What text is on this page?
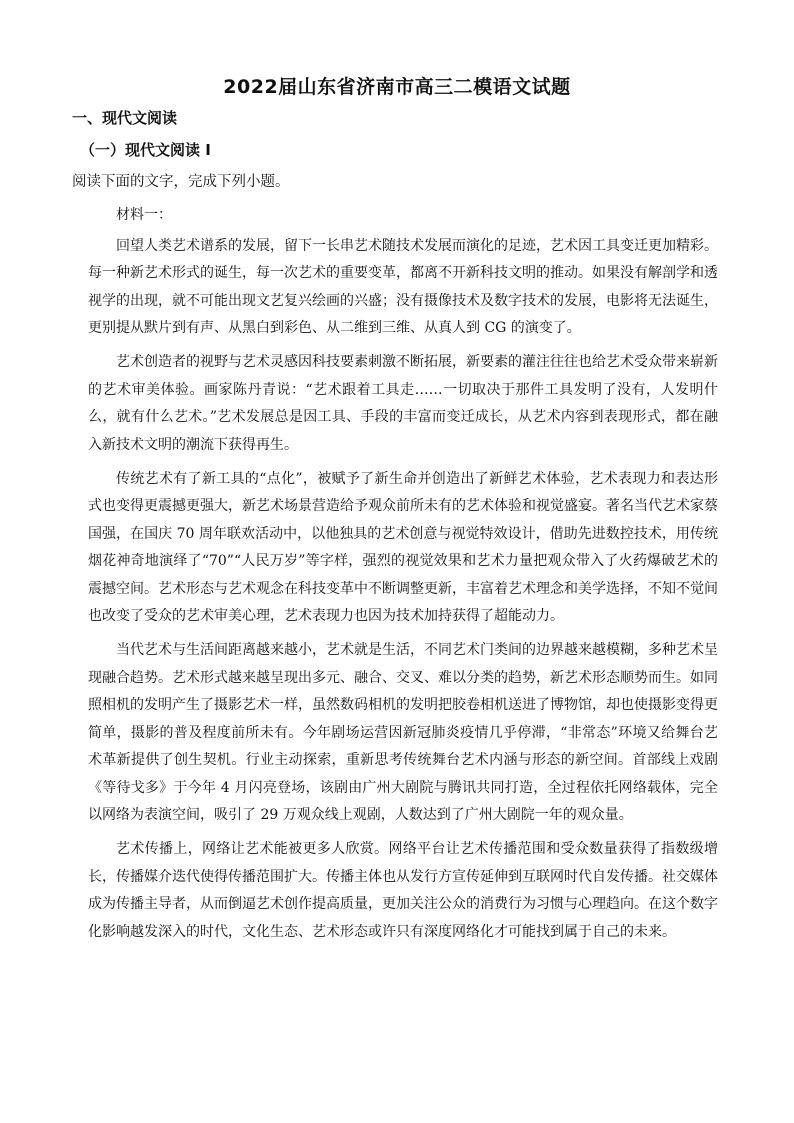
2022届山东省济南市高三二模语文试题
一、现代文阅读
（一）现代文阅读 I
阅读下面的文字，完成下列小题。

材料一：

回望人类艺术谱系的发展，留下一长串艺术随技术发展而演化的足迹，艺术因工具变迁更加精彩。每一种新艺术形式的诞生，每一次艺术的重要变革，都离不开新科技文明的推动。如果没有解剖学和透视学的出现，就不可能出现文艺复兴绘画的兴盛；没有摄像技术及数字技术的发展，电影将无法诞生，更别提从默片到有声、从黑白到彩色、从二维到三维、从真人到 CG 的演变了。

艺术创造者的视野与艺术灵感因科技要素刺激不断拓展，新要素的灌注往往也给艺术受众带来崭新的艺术审美体验。画家陈丹青说：“艺术跟着工具走……一切取决于那件工具发明了没有，人发明什么，就有什么艺术。”艺术发展总是因工具、手段的丰富而变迁成长，从艺术内容到表现形式，都在融入新技术文明的潮流下获得再生。

传统艺术有了新工具的“点化”，被赋予了新生命并创造出了新鲜艺术体验，艺术表现力和表达形式也变得更震撼更强大，新艺术场景营造给予观众前所未有的艺术体验和视觉盛宴。著名当代艺术家蔡国强，在国庆 70 周年联欢活动中，以他独具的艺术创意与视觉特效设计，借助先进数控技术，用传统烟花神奇地演绎了“70”“人民万岁”等字样，强烈的视觉效果和艺术力量把观众带入了火药爆破艺术的震撼空间。艺术形态与艺术观念在科技变革中不断调整更新，丰富着艺术理念和美学选择，不知不觉间也改变了受众的艺术审美心理，艺术表现力也因为技术加持获得了超能动力。

当代艺术与生活间距离越来越小，艺术就是生活，不同艺术门类间的边界越来越模糊，多种艺术呈现融合趋势。艺术形式越来越呈现出多元、融合、交叉、难以分类的趋势，新艺术形态顺势而生。如同照相机的发明产生了摄影艺术一样，虽然数码相机的发明把胶卷相机送进了博物馆，却也使摄影变得更简单，摄影的普及程度前所未有。今年剧场运营因新冠肺炎疫情几乎停滞，“非常态”环境又给舞台艺术革新提供了创生契机。行业主动探索，重新思考传统舞台艺术内涵与形态的新空间。首部线上戏剧《等待戈多》于今年 4 月闪亮登场，该剧由广州大剧院与腾讯共同打造，全过程依托网络载体，完全以网络为表演空间，吸引了 29 万观众线上观剧，人数达到了广州大剧院一年的观众量。

艺术传播上，网络让艺术能被更多人欣赏。网络平台让艺术传播范围和受众数量获得了指数级增长，传播媒介迭代使得传播范围扩大。传播主体也从发行方宣传延伸到互联网时代自发传播。社交媒体成为传播主导者，从而倒逼艺术创作提高质量，更加关注公众的消费行为习惯与心理趋向。在这个数字化影响越发深入的时代，文化生态、艺术形态或许只有深度网络化才可能找到属于自己的未来。
